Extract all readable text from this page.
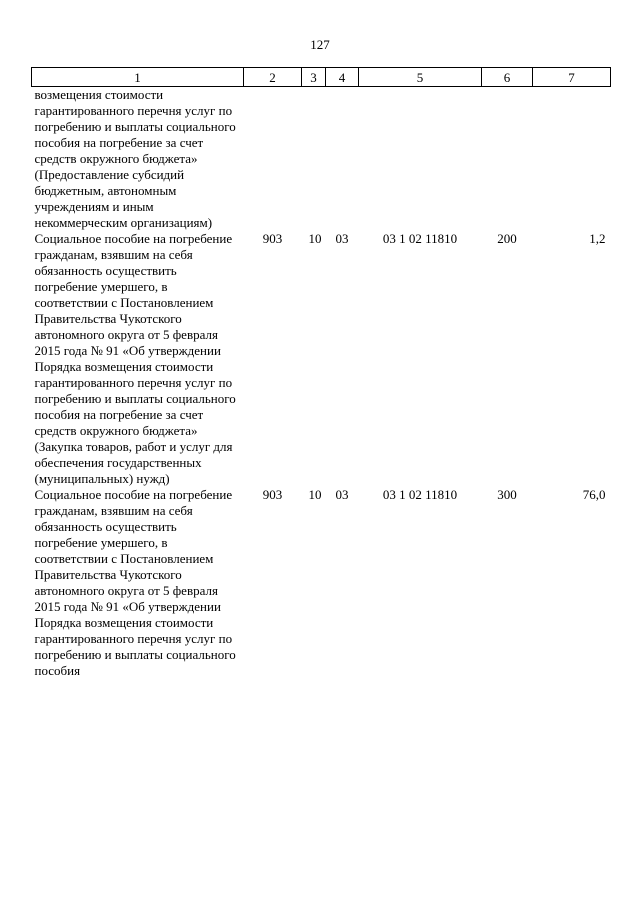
127
1	2	3	4	5	6	7
возмещения стоимости гарантированного перечня услуг по погребению и выплаты социального пособия на погребение за счет средств окружного бюджета» (Предоставление субсидий бюджетным, автономным учреждениям и иным некоммерческим организациям)						
Социальное пособие на погребение гражданам, взявшим на себя обязанность осуществить погребение умершего, в соответствии с Постановлением Правительства Чукотского автономного округа от 5 февраля 2015 года № 91 «Об утверждении Порядка возмещения стоимости гарантированного перечня услуг по погребению и выплаты социального пособия на погребение за счет средств окружного бюджета» (Закупка товаров, работ и услуг для обеспечения государственных (муниципальных) нужд)	903	10	03	03 1 02 11810	200	1,2
Социальное пособие на погребение гражданам, взявшим на себя обязанность осуществить погребение умершего, в соответствии с Постановлением Правительства Чукотского автономного округа от 5 февраля 2015 года № 91 «Об утверждении Порядка возмещения стоимости гарантированного перечня услуг по погребению и выплаты социального пособия	903	10	03	03 1 02 11810	300	76,0
